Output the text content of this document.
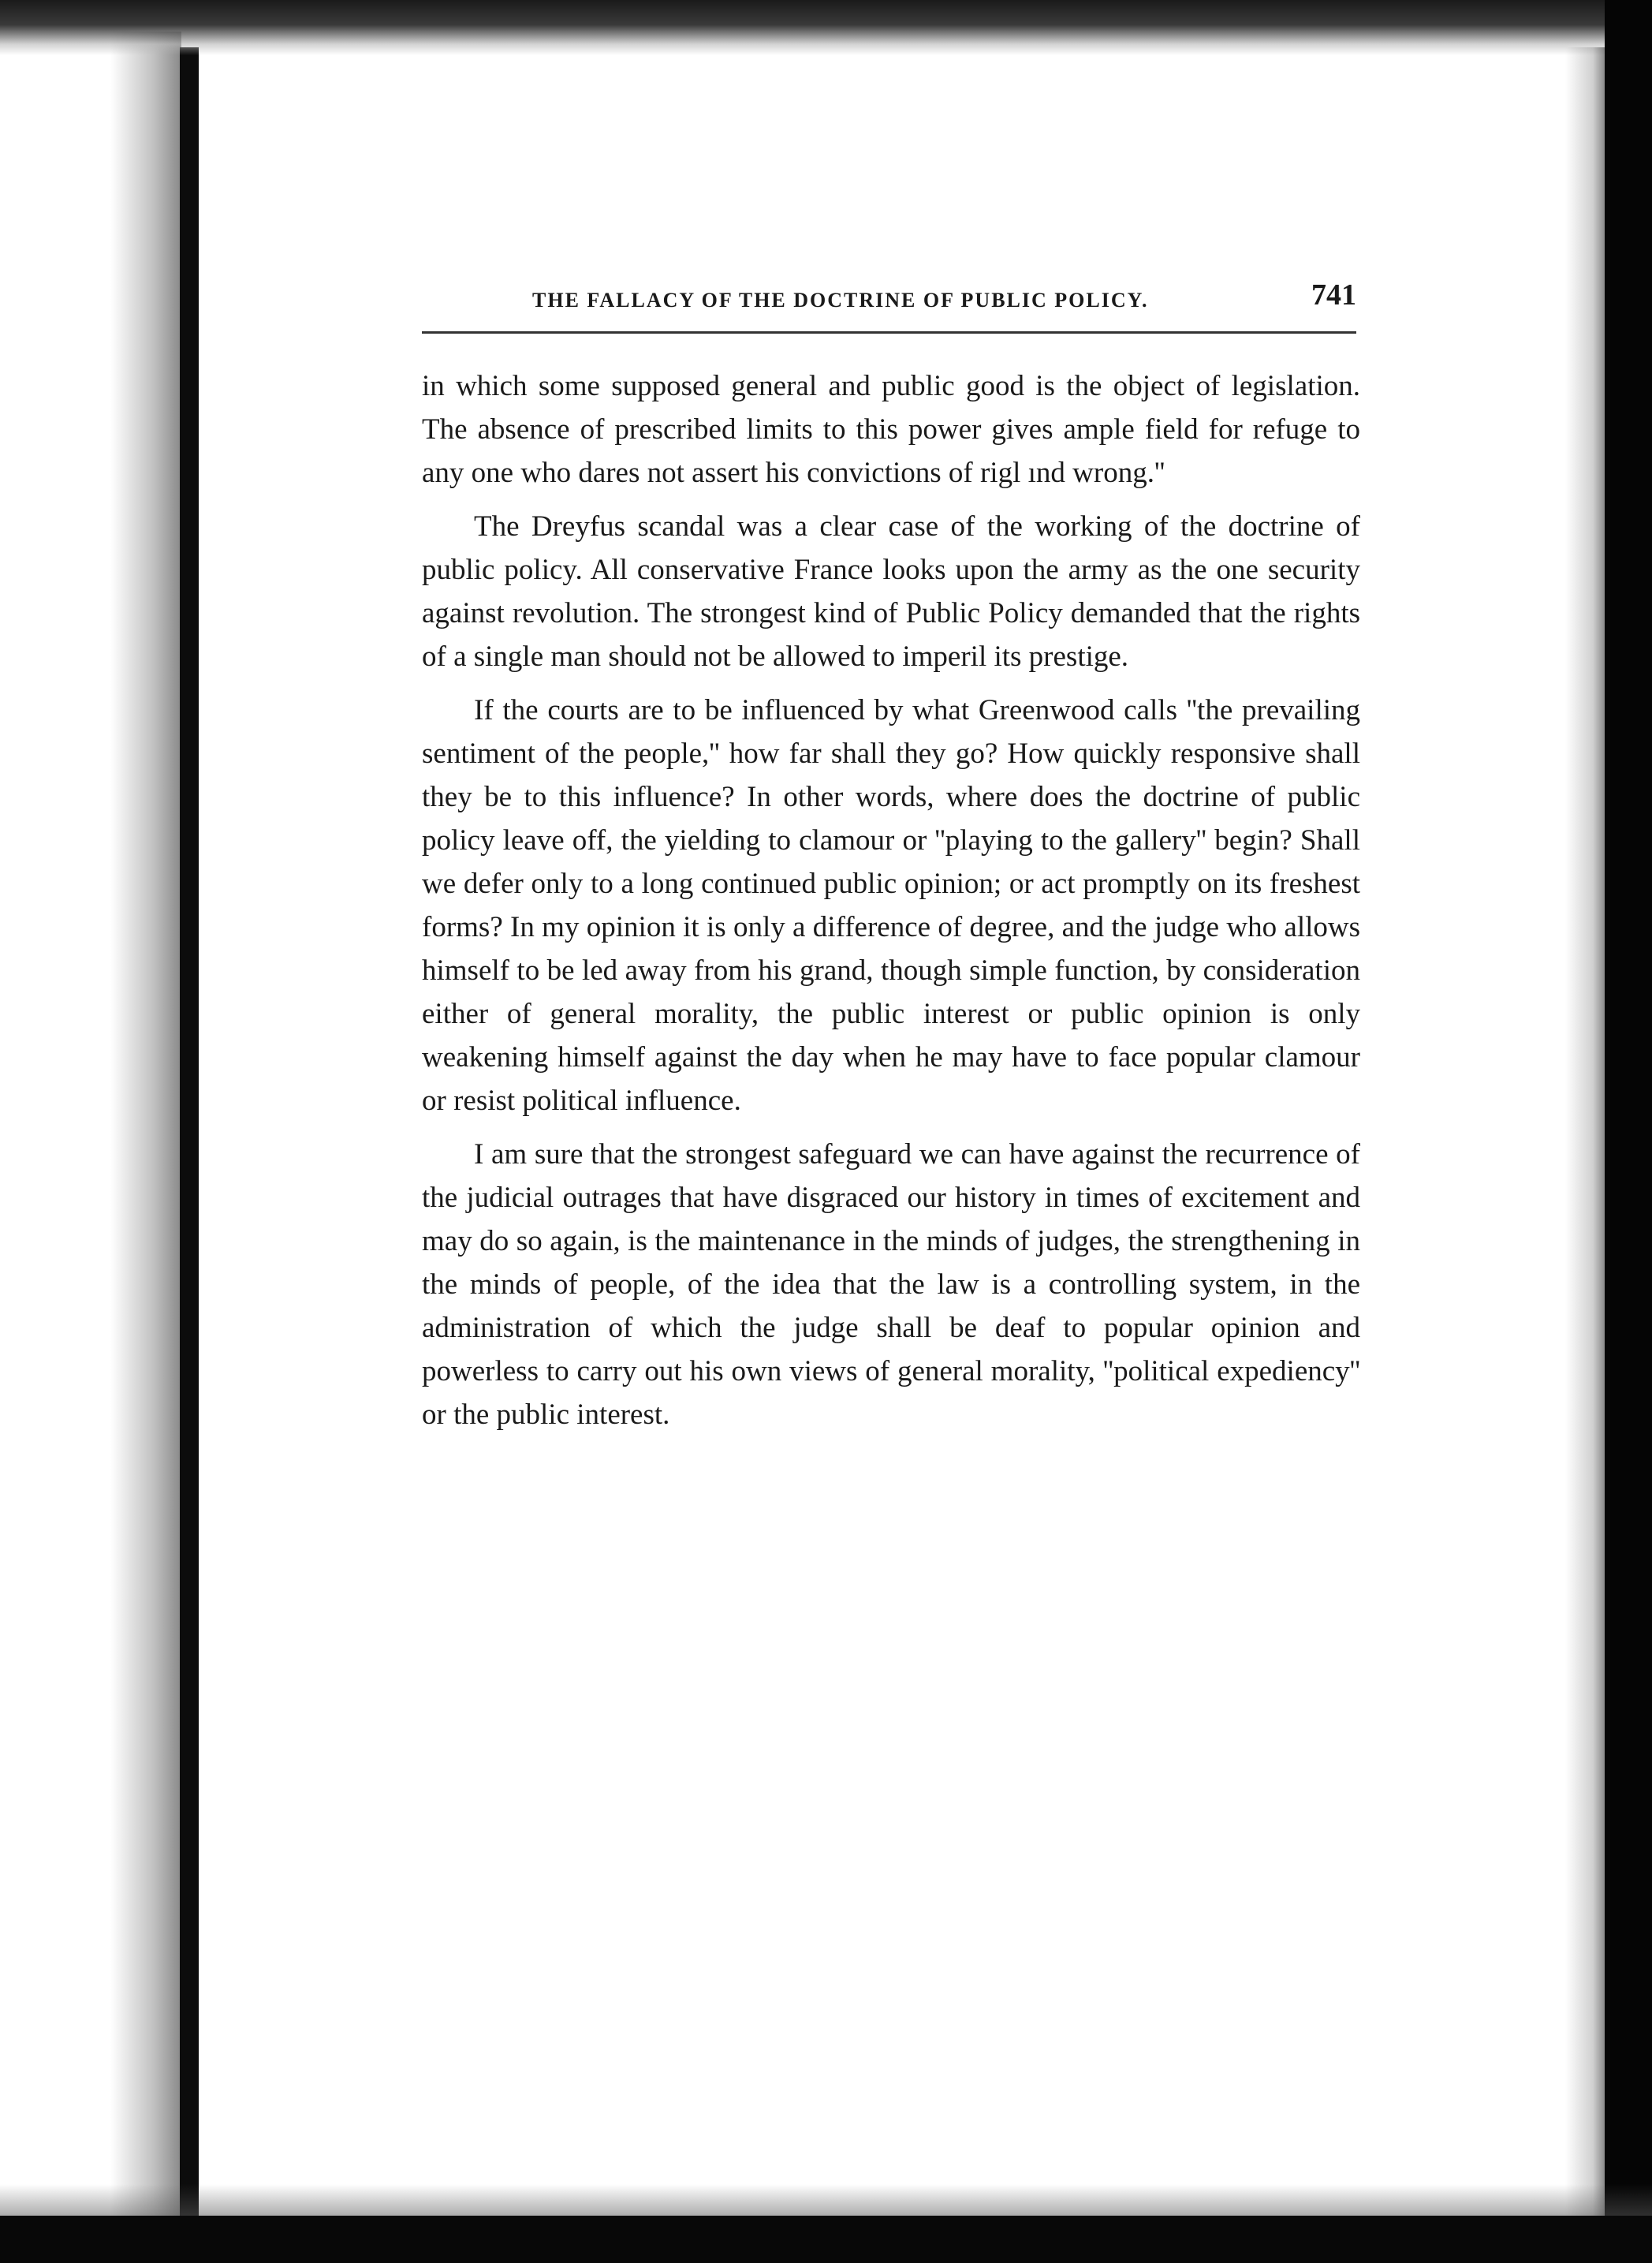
THE FALLACY OF THE DOCTRINE OF PUBLIC POLICY.	741

in which some supposed general and public good is the object of legislation. The absence of prescribed limits to this power gives ample field for refuge to any one who dares not assert his convictions of rigl ınd wrong.''

The Dreyfus scandal was a clear case of the working of the doctrine of public policy. All conservative France looks upon the army as the one security against revolution. The strongest kind of Public Policy demanded that the rights of a single man should not be allowed to imperil its prestige.

If the courts are to be influenced by what Greenwood calls ''the prevailing sentiment of the people,'' how far shall they go? How quickly responsive shall they be to this influence? In other words, where does the doctrine of public policy leave off, the yielding to clamour or ''playing to the gallery'' begin? Shall we defer only to a long continued public opinion; or act promptly on its freshest forms? In my opinion it is only a difference of degree, and the judge who allows himself to be led away from his grand, though simple function, by consideration either of general morality, the public interest or public opinion is only weakening himself against the day when he may have to face popular clamour or resist political influence.

I am sure that the strongest safeguard we can have against the recurrence of the judicial outrages that have disgraced our history in times of excitement and may do so again, is the maintenance in the minds of judges, the strengthening in the minds of people, of the idea that the law is a controlling system, in the administration of which the judge shall be deaf to popular opinion and powerless to carry out his own views of general morality, ''political expediency'' or the public interest.
